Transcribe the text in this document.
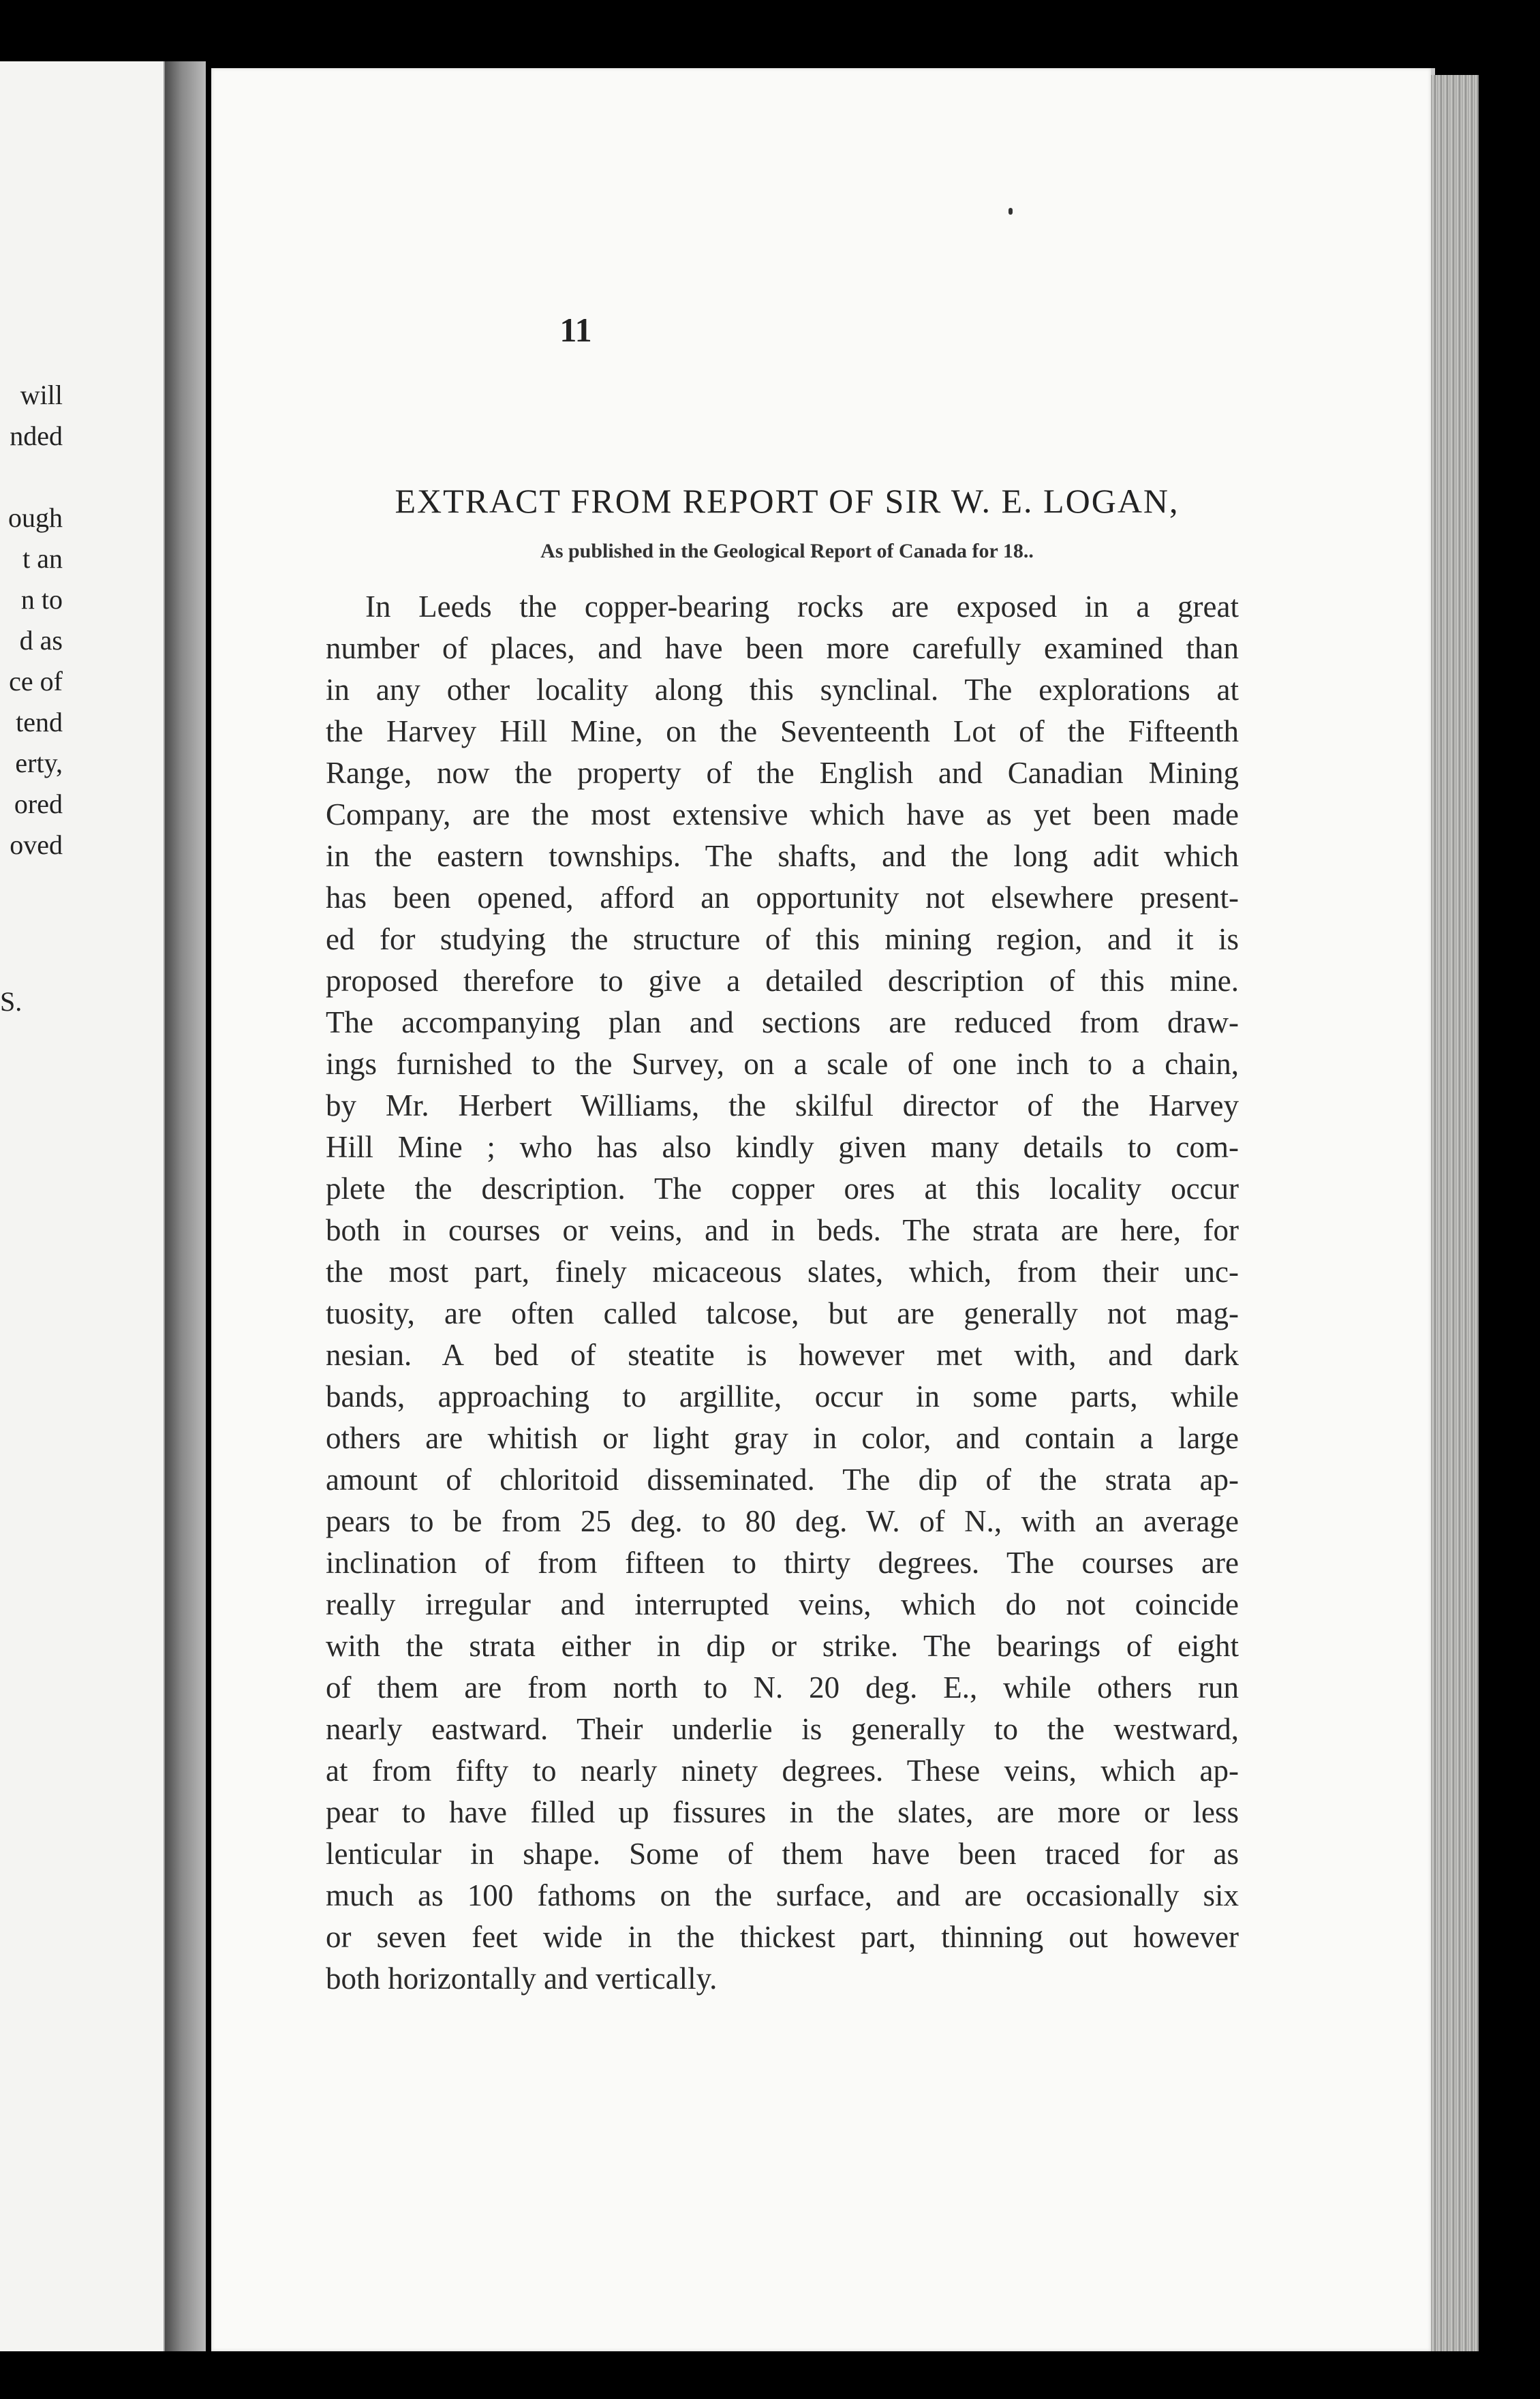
will
nded
ough
t an
n to
d as
ce of
tend
erty,
ored
oved
S.
11
EXTRACT FROM REPORT OF SIR W. E. LOGAN,
As published in the Geological Report of Canada for 18..
In Leeds the copper-bearing rocks are exposed in a great
number of places, and have been more carefully examined than
in any other locality along this synclinal. The explorations at
the Harvey Hill Mine, on the Seventeenth Lot of the Fifteenth
Range, now the property of the English and Canadian Mining
Company, are the most extensive which have as yet been made
in the eastern townships. The shafts, and the long adit which
has been opened, afford an opportunity not elsewhere present-
ed for studying the structure of this mining region, and it is
proposed therefore to give a detailed description of this mine.
The accompanying plan and sections are reduced from draw-
ings furnished to the Survey, on a scale of one inch to a chain,
by Mr. Herbert Williams, the skilful director of the Harvey
Hill Mine ; who has also kindly given many details to com-
plete the description. The copper ores at this locality occur
both in courses or veins, and in beds. The strata are here, for
the most part, finely micaceous slates, which, from their unc-
tuosity, are often called talcose, but are generally not mag-
nesian. A bed of steatite is however met with, and dark
bands, approaching to argillite, occur in some parts, while
others are whitish or light gray in color, and contain a large
amount of chloritoid disseminated. The dip of the strata ap-
pears to be from 25 deg. to 80 deg. W. of N., with an average
inclination of from fifteen to thirty degrees. The courses are
really irregular and interrupted veins, which do not coincide
with the strata either in dip or strike. The bearings of eight
of them are from north to N. 20 deg. E., while others run
nearly eastward. Their underlie is generally to the westward,
at from fifty to nearly ninety degrees. These veins, which ap-
pear to have filled up fissures in the slates, are more or less
lenticular in shape. Some of them have been traced for as
much as 100 fathoms on the surface, and are occasionally six
or seven feet wide in the thickest part, thinning out however
both horizontally and vertically.
